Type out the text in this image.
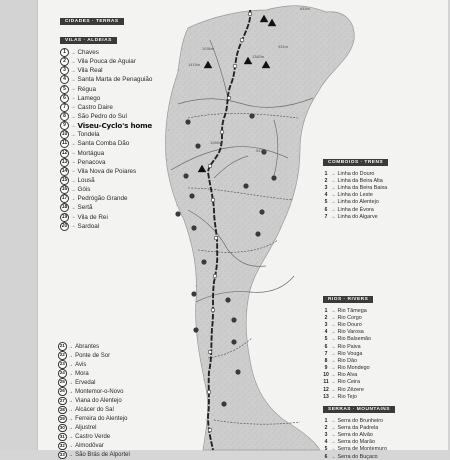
845m
1036m	931m
1415m
1382m
1198m
547m
CIDADES · TERRAS
VILAS · ALDEIAS
1 → Chaves
2 → Vila Pouca de Aguiar
3 → Vila Real
4 → Santa Marta de Penaguião
5 → Régua
6 → Lamego
7 → Castro Daire
8 → São Pedro do Sul
9 → Viseu-Cyclo's home
10 → Tondela
11 → Santa Comba Dão
12 → Mortágua
13 → Penacova
14 → Vila Nova de Poiares
15 → Lousã
16 → Góis
17 → Pedrógão Grande
18 → Sertã
19 → Vila de Rei
20 → Sardoal
21 → Abrantes
22 → Ponte de Sor
23 → Avis
24 → Mora
25 → Ervedal
26 → Montemor-o-Novo
27 → Viana do Alentejo
28 → Alcácer do Sal
29 → Ferreira do Alentejo
30 → Aljustrel
31 → Castro Verde
32 → Almodôvar
33 → São Brás de Alportel
COMBOIOS · TRENS
1 → Linha do Douro
2 → Linha da Beira Alta
3 → Linha da Beira Baixa
4 → Linha do Leste
5 → Linha do Alentejo
6 → Linha de Évora
7 → Linha do Algarve
RIOS · RIVERS
1 → Rio Tâmega
2 → Rio Corgo
3 → Rio Douro
4 → Rio Varosa
5 → Rio Balsemão
6 → Rio Paiva
7 → Rio Vouga
8 → Rio Dão
9 → Rio Mondego
10 → Rio Alva
11 → Rio Ceira
12 → Rio Zêzere
13 → Rio Tejo
SERRAS · MOUNTAINS
1 → Serra do Brunheiro
2 → Serra da Padrela
3 → Serra do Alvão
4 → Serra do Marão
5 → Serra de Montemuro
6 → Serra do Buçaco
